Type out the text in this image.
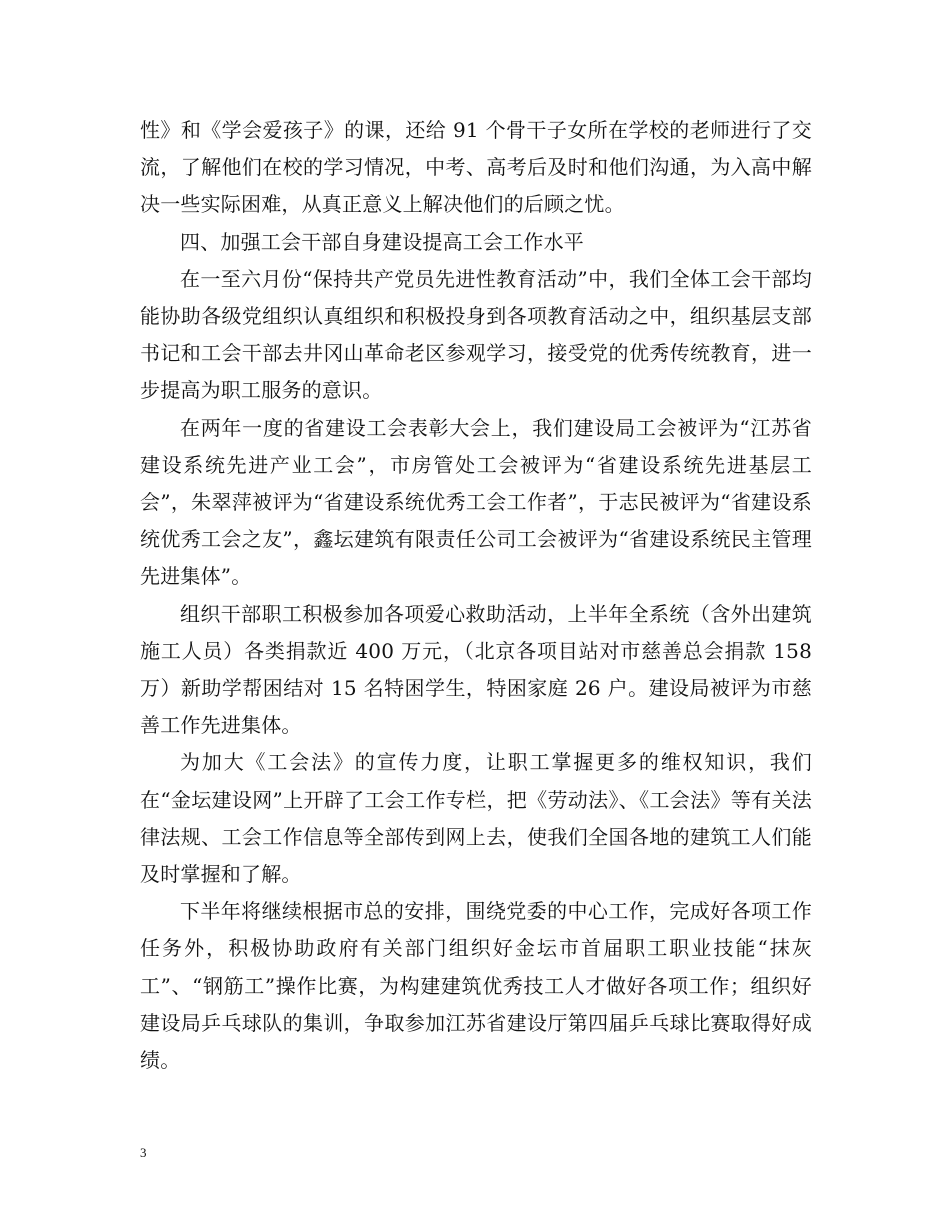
性》和《学会爱孩子》的课，还给 91 个骨干子女所在学校的老师进行了交流，了解他们在校的学习情况，中考、高考后及时和他们沟通，为入高中解决一些实际困难，从真正意义上解决他们的后顾之忧。

四、加强工会干部自身建设提高工会工作水平

在一至六月份“保持共产党员先进性教育活动”中，我们全体工会干部均能协助各级党组织认真组织和积极投身到各项教育活动之中，组织基层支部书记和工会干部去井冈山革命老区参观学习，接受党的优秀传统教育，进一步提高为职工服务的意识。

在两年一度的省建设工会表彰大会上，我们建设局工会被评为“江苏省建设系统先进产业工会”，市房管处工会被评为“省建设系统先进基层工会”，朱翠萍被评为“省建设系统优秀工会工作者”，于志民被评为“省建设系统优秀工会之友”，鑫坛建筑有限责任公司工会被评为“省建设系统民主管理先进集体”。

组织干部职工积极参加各项爱心救助活动，上半年全系统（含外出建筑施工人员）各类捐款近 400 万元，（北京各项目站对市慈善总会捐款 158 万）新助学帮困结对 15 名特困学生，特困家庭 26 户。建设局被评为市慈善工作先进集体。

为加大《工会法》的宣传力度，让职工掌握更多的维权知识，我们在“金坛建设网”上开辟了工会工作专栏，把《劳动法》、《工会法》等有关法律法规、工会工作信息等全部传到网上去，使我们全国各地的建筑工人们能及时掌握和了解。

下半年将继续根据市总的安排，围绕党委的中心工作，完成好各项工作任务外，积极协助政府有关部门组织好金坛市首届职工职业技能“抹灰工”、“钢筋工”操作比赛，为构建建筑优秀技工人才做好各项工作；组织好建设局乒乓球队的集训，争取参加江苏省建设厅第四届乒乓球比赛取得好成绩。

3
